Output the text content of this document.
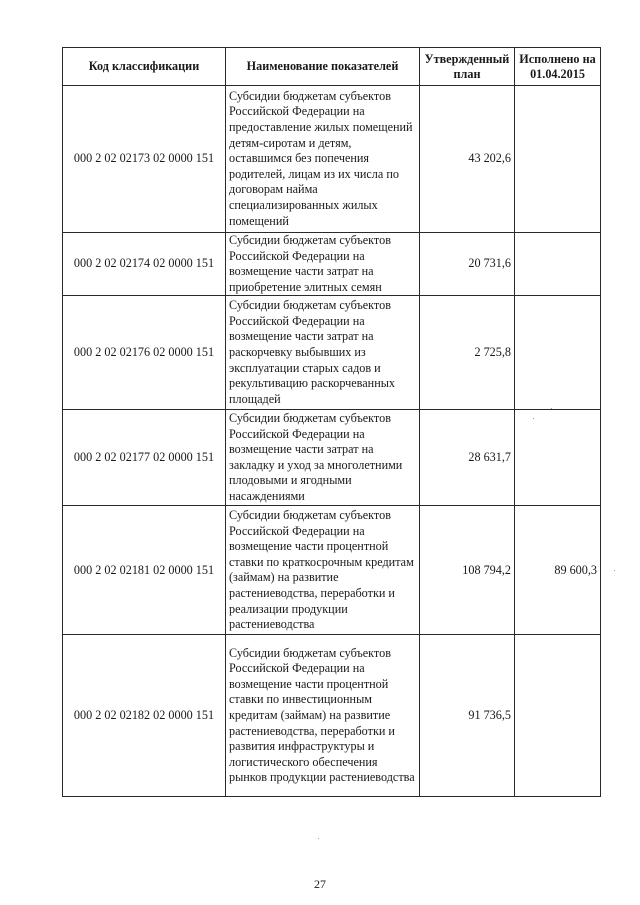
Код классификации	Наименование показателей	Утвержденный план	Исполнено на 01.04.2015
000 2 02 02173 02 0000 151	Субсидии бюджетам субъектов Российской Федерации на предоставление жилых помещений детям-сиротам и детям, оставшимся без попечения родителей, лицам из их числа по договорам найма специализированных жилых помещений	43 202,6	
000 2 02 02174 02 0000 151	Субсидии бюджетам субъектов Российской Федерации на возмещение части затрат на приобретение элитных семян	20 731,6	
000 2 02 02176 02 0000 151	Субсидии бюджетам субъектов Российской Федерации на возмещение части затрат на раскорчевку выбывших из эксплуатации старых садов и рекультивацию раскорчеванных площадей	2 725,8	
000 2 02 02177 02 0000 151	Субсидии бюджетам субъектов Российской Федерации на возмещение части затрат на закладку и уход за многолетними плодовыми и ягодными насаждениями	28 631,7	
000 2 02 02181 02 0000 151	Субсидии бюджетам субъектов Российской Федерации на возмещение части процентной ставки по краткосрочным кредитам (займам) на развитие растениеводства, переработки и реализации продукции растениеводства	108 794,2	89 600,3
000 2 02 02182 02 0000 151	Субсидии бюджетам субъектов Российской Федерации на возмещение части процентной ставки по инвестиционным кредитам (займам) на развитие растениеводства, переработки и развития инфраструктуры и логистического обеспечения рынков продукции растениеводства	91 736,5	
27
